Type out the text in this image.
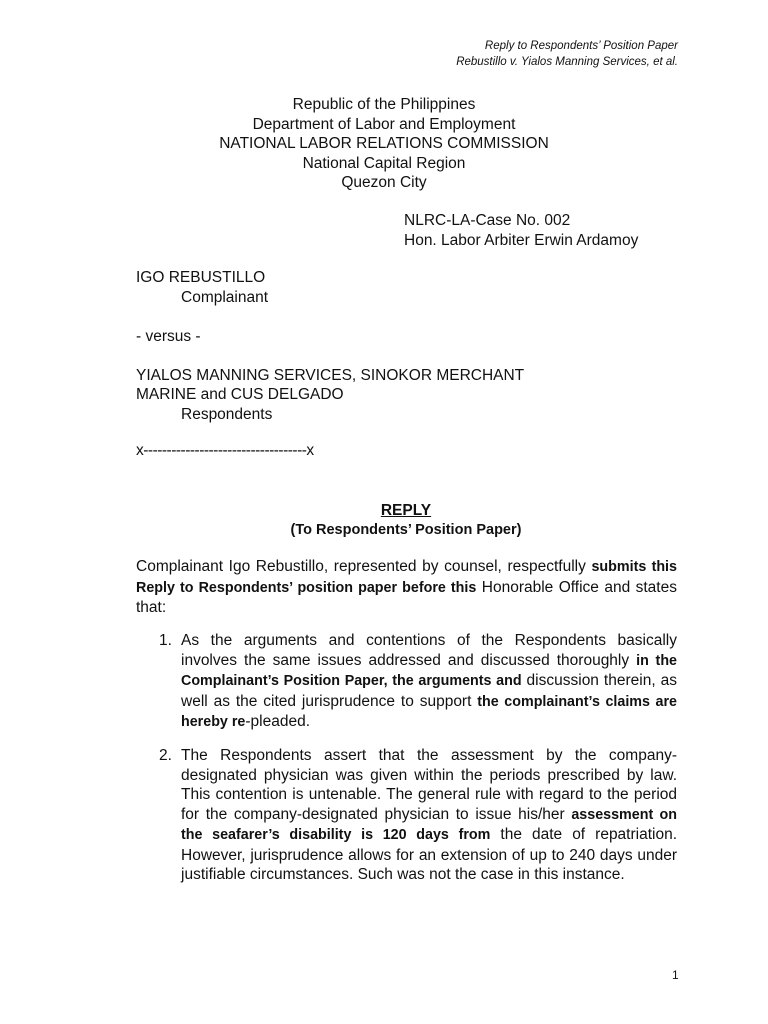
Reply to Respondents’ Position Paper
Rebustillo v. Yialos Manning Services, et al.
Republic of the Philippines
Department of Labor and Employment
NATIONAL LABOR RELATIONS COMMISSION
National Capital Region
Quezon City
NLRC-LA-Case No. 002
Hon. Labor Arbiter Erwin Ardamoy
IGO REBUSTILLO
Complainant
- versus -
YIALOS MANNING SERVICES, SINOKOR MERCHANT
MARINE and CUS DELGADO
Respondents
x-----------------------------------x
REPLY
(To Respondents’ Position Paper)
Complainant Igo Rebustillo, represented by counsel, respectfully submits this Reply to Respondents’ position paper before this Honorable Office and states that:
1. As the arguments and contentions of the Respondents basically involves the same issues addressed and discussed thoroughly in the Complainant’s Position Paper, the arguments and discussion therein, as well as the cited jurisprudence to support the complainant’s claims are hereby re-pleaded.
2. The Respondents assert that the assessment by the company-designated physician was given within the periods prescribed by law. This contention is untenable. The general rule with regard to the period for the company-designated physician to issue his/her assessment on the seafarer’s disability is 120 days from the date of repatriation. However, jurisprudence allows for an extension of up to 240 days under justifiable circumstances. Such was not the case in this instance.
1
